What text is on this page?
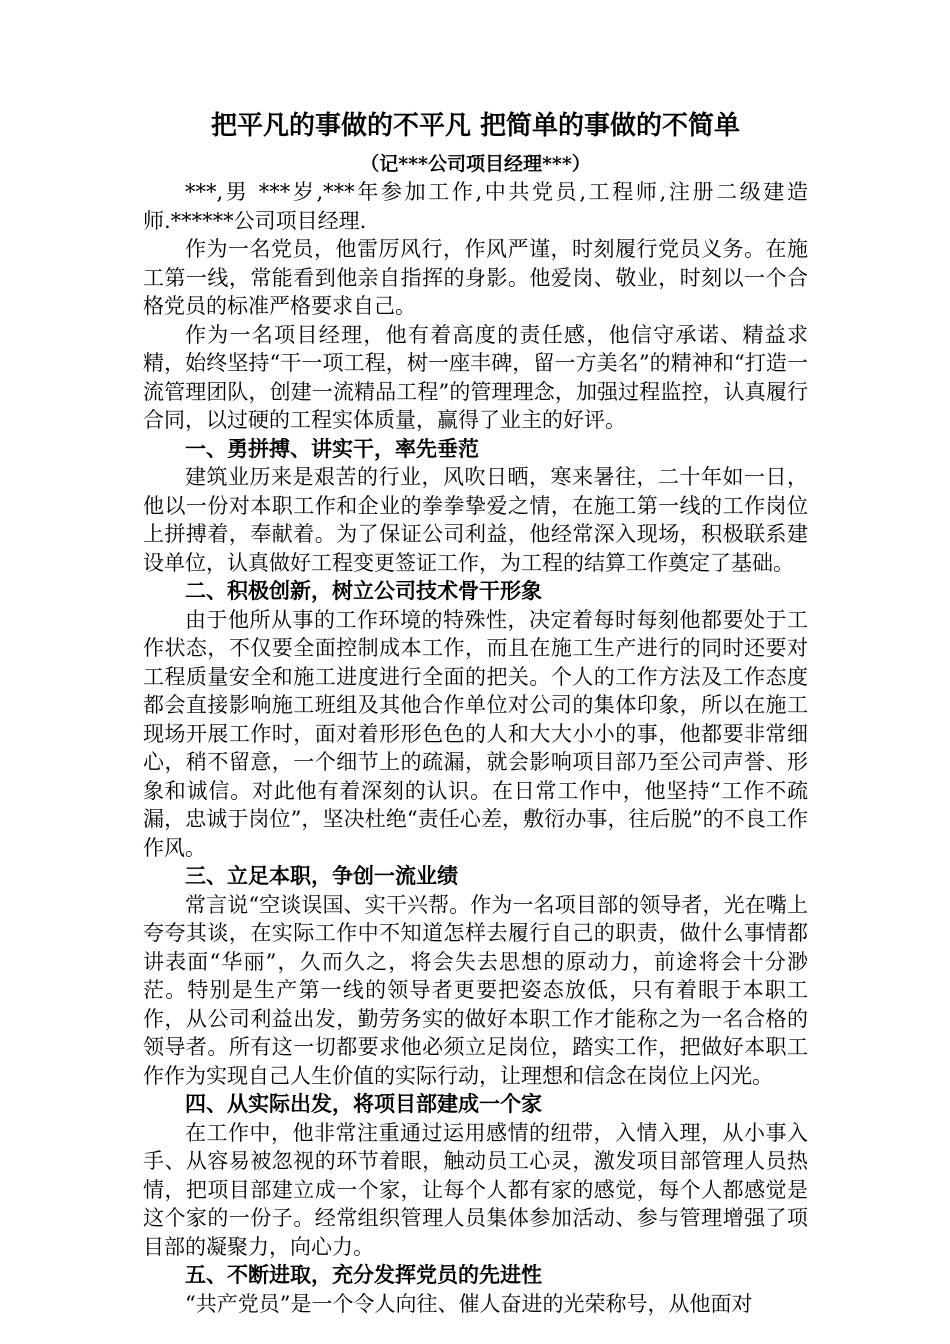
把平凡的事做的不平凡 把简单的事做的不简单
（记***公司项目经理***）

***,男 ***岁,***年参加工作,中共党员,工程师,注册二级建造师.******公司项目经理.

作为一名党员，他雷厉风行，作风严谨，时刻履行党员义务。在施工第一线，常能看到他亲自指挥的身影。他爱岗、敬业，时刻以一个合格党员的标准严格要求自己。

作为一名项目经理，他有着高度的责任感，他信守承诺、精益求精，始终坚持“干一项工程，树一座丰碑，留一方美名”的精神和“打造一流管理团队，创建一流精品工程”的管理理念，加强过程监控，认真履行合同，以过硬的工程实体质量，赢得了业主的好评。

一、勇拼搏、讲实干，率先垂范

建筑业历来是艰苦的行业，风吹日晒，寒来暑往，二十年如一日，他以一份对本职工作和企业的拳拳挚爱之情，在施工第一线的工作岗位上拼搏着，奉献着。为了保证公司利益，他经常深入现场，积极联系建设单位，认真做好工程变更签证工作，为工程的结算工作奠定了基础。

二、积极创新，树立公司技术骨干形象

由于他所从事的工作环境的特殊性，决定着每时每刻他都要处于工作状态，不仅要全面控制成本工作，而且在施工生产进行的同时还要对工程质量安全和施工进度进行全面的把关。个人的工作方法及工作态度都会直接影响施工班组及其他合作单位对公司的集体印象，所以在施工现场开展工作时，面对着形形色色的人和大大小小的事，他都要非常细心，稍不留意，一个细节上的疏漏，就会影响项目部乃至公司声誉、形象和诚信。对此他有着深刻的认识。在日常工作中，他坚持“工作不疏漏，忠诚于岗位”，坚决杜绝“责任心差，敷衍办事，往后脱”的不良工作作风。

三、立足本职，争创一流业绩

常言说“空谈误国、实干兴帮。作为一名项目部的领导者，光在嘴上夸夸其谈，在实际工作中不知道怎样去履行自己的职责，做什么事情都讲表面“华丽”，久而久之，将会失去思想的原动力，前途将会十分渺茫。特别是生产第一线的领导者更要把姿态放低，只有着眼于本职工作，从公司利益出发，勤劳务实的做好本职工作才能称之为一名合格的领导者。所有这一切都要求他必须立足岗位，踏实工作，把做好本职工作作为实现自己人生价值的实际行动，让理想和信念在岗位上闪光。

四、从实际出发，将项目部建成一个家

在工作中，他非常注重通过运用感情的纽带，入情入理，从小事入手、从容易被忽视的环节着眼，触动员工心灵，激发项目部管理人员热情，把项目部建立成一个家，让每个人都有家的感觉，每个人都感觉是这个家的一份子。经常组织管理人员集体参加活动、参与管理增强了项目部的凝聚力，向心力。

五、不断进取，充分发挥党员的先进性

“共产党员”是一个令人向往、催人奋进的光荣称号，从他面对
